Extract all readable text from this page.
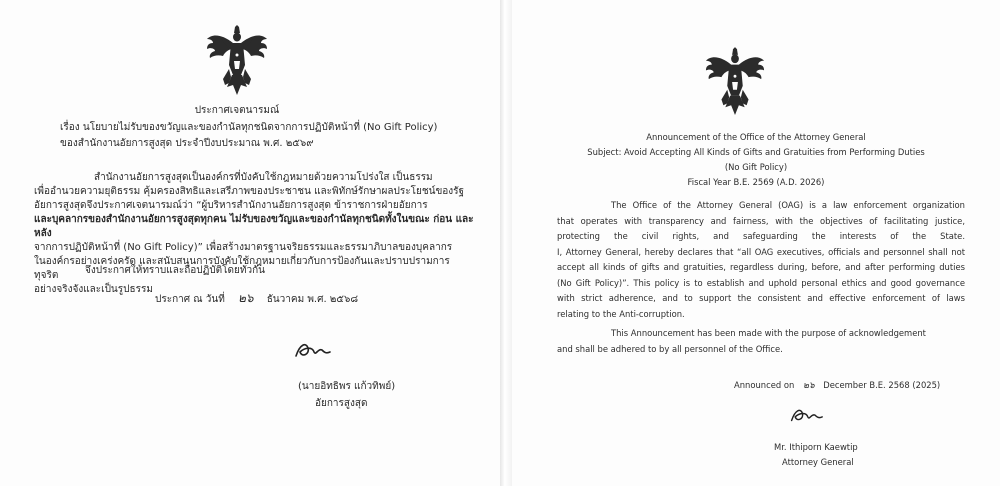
ประกาศเจตนารมณ์
เรื่อง นโยบายไม่รับของขวัญและของกำนัลทุกชนิดจากการปฏิบัติหน้าที่ (No Gift Policy)
ของสำนักงานอัยการสูงสุด ประจำปีงบประมาณ พ.ศ. ๒๕๖๙
สำนักงานอัยการสูงสุดเป็นองค์กรที่บังคับใช้กฎหมายด้วยความโปร่งใส เป็นธรรม
เพื่ออำนวยความยุติธรรม คุ้มครองสิทธิและเสรีภาพของประชาชน และพิทักษ์รักษาผลประโยชน์ของรัฐ
อัยการสูงสุดจึงประกาศเจตนารมณ์ว่า “ผู้บริหารสำนักงานอัยการสูงสุด ข้าราชการฝ่ายอัยการ
และบุคลากรของสำนักงานอัยการสูงสุดทุกคน ไม่รับของขวัญและของกำนัลทุกชนิดทั้งในขณะ ก่อน และหลัง
จากการปฏิบัติหน้าที่ (No Gift Policy)” เพื่อสร้างมาตรฐานจริยธรรมและธรรมาภิบาลของบุคลากร
ในองค์กรอย่างเคร่งครัด และสนับสนุนการบังคับใช้กฎหมายเกี่ยวกับการป้องกันและปราบปรามการทุจริต
อย่างจริงจังและเป็นรูปธรรม
จึงประกาศให้ทราบและถือปฏิบัติโดยทั่วกัน
ประกาศ ณ วันที่ ๒๖ ธันวาคม พ.ศ. ๒๕๖๘
(นายอิทธิพร แก้วทิพย์)
อัยการสูงสุด
Announcement of the Office of the Attorney General
Subject: Avoid Accepting All Kinds of Gifts and Gratuities from Performing Duties
(No Gift Policy)
Fiscal Year B.E. 2569 (A.D. 2026)
The Office of the Attorney General (OAG) is a law enforcement organization
that operates with transparency and fairness, with the objectives of facilitating justice,
protecting the civil rights, and safeguarding the interests of the State.
I, Attorney General, hereby declares that “all OAG executives, officials and personnel shall not
accept all kinds of gifts and gratuities, regardless during, before, and after performing duties
(No Gift Policy)”. This policy is to establish and uphold personal ethics and good governance
with strict adherence, and to support the consistent and effective enforcement of laws
relating to the Anti-corruption.
This Announcement has been made with the purpose of acknowledgement
and shall be adhered to by all personnel of the Office.
Announced on ๒๖ December B.E. 2568 (2025)
Mr. Ithiporn Kaewtip
Attorney General
